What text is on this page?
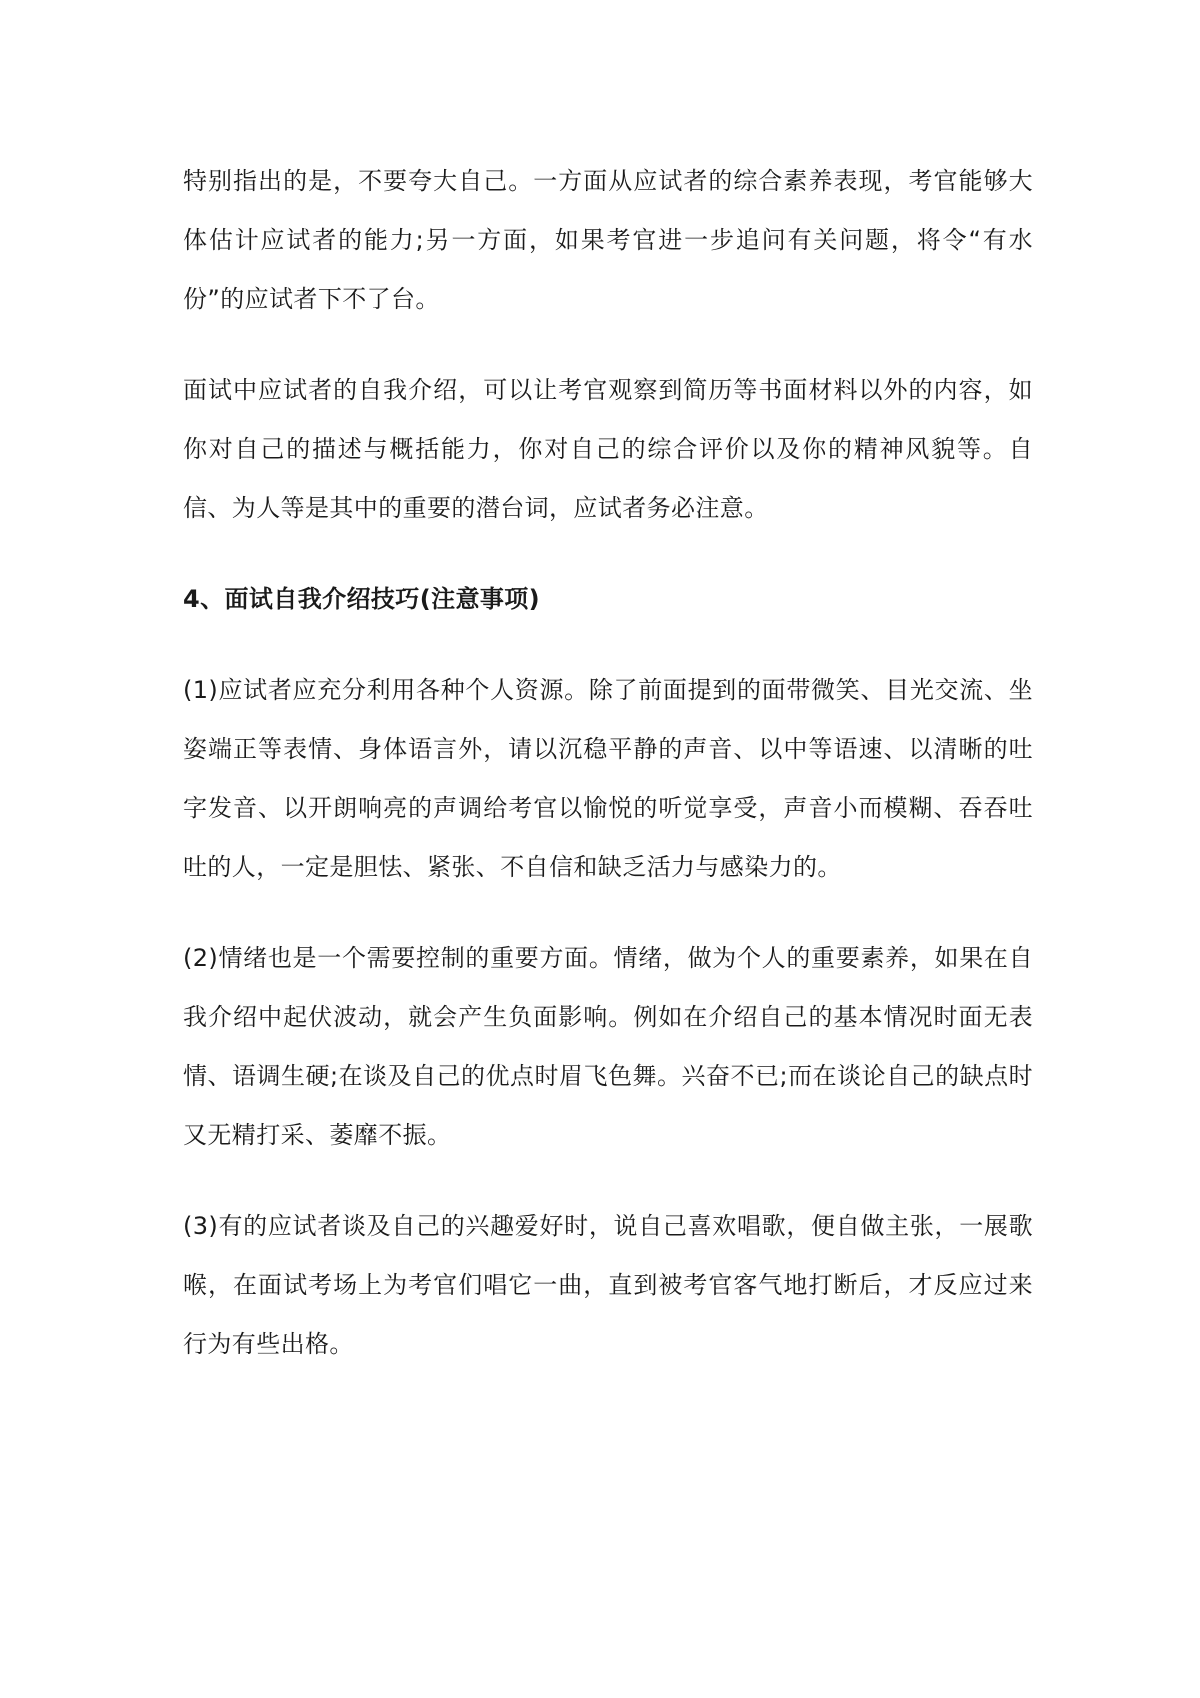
特别指出的是，不要夸大自己。一方面从应试者的综合素养表现，考官能够大体估计应试者的能力;另一方面，如果考官进一步追问有关问题，将令“有水份”的应试者下不了台。

面试中应试者的自我介绍，可以让考官观察到简历等书面材料以外的内容，如你对自己的描述与概括能力，你对自己的综合评价以及你的精神风貌等。自信、为人等是其中的重要的潜台词，应试者务必注意。

4、面试自我介绍技巧(注意事项)

(1)应试者应充分利用各种个人资源。除了前面提到的面带微笑、目光交流、坐姿端正等表情、身体语言外，请以沉稳平静的声音、以中等语速、以清晰的吐字发音、以开朗响亮的声调给考官以愉悦的听觉享受，声音小而模糊、吞吞吐吐的人，一定是胆怯、紧张、不自信和缺乏活力与感染力的。

(2)情绪也是一个需要控制的重要方面。情绪，做为个人的重要素养，如果在自我介绍中起伏波动，就会产生负面影响。例如在介绍自己的基本情况时面无表情、语调生硬;在谈及自己的优点时眉飞色舞。兴奋不已;而在谈论自己的缺点时又无精打采、萎靡不振。

(3)有的应试者谈及自己的兴趣爱好时，说自己喜欢唱歌，便自做主张，一展歌喉，在面试考场上为考官们唱它一曲，直到被考官客气地打断后，才反应过来行为有些出格。
